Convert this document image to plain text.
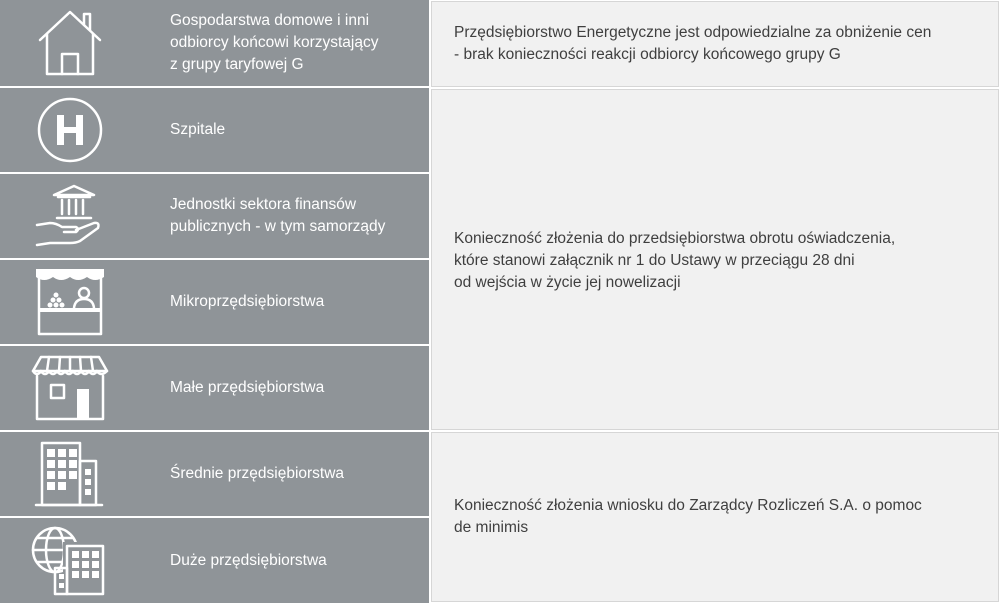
Gospodarstwa domowe i inni
odbiorcy końcowi korzystający
z grupy taryfowej G
Szpitale
Jednostki sektora finansów
publicznych - w tym samorządy
Mikroprzędsiębiorstwa
Małe przędsiębiorstwa
Średnie przędsiębiorstwa
Duże przędsiębiorstwa
Przędsiębiorstwo Energetyczne jest odpowiedzialne za obniżenie cen
- brak konieczności reakcji odbiorcy końcowego grupy G
Konieczność złożenia do przedsiębiorstwa obrotu oświadczenia,
które stanowi załącznik nr 1 do Ustawy w przeciągu 28 dni
od wejścia w życie jej nowelizacji
Konieczność złożenia wniosku do Zarządcy Rozliczeń S.A. o pomoc
de minimis
